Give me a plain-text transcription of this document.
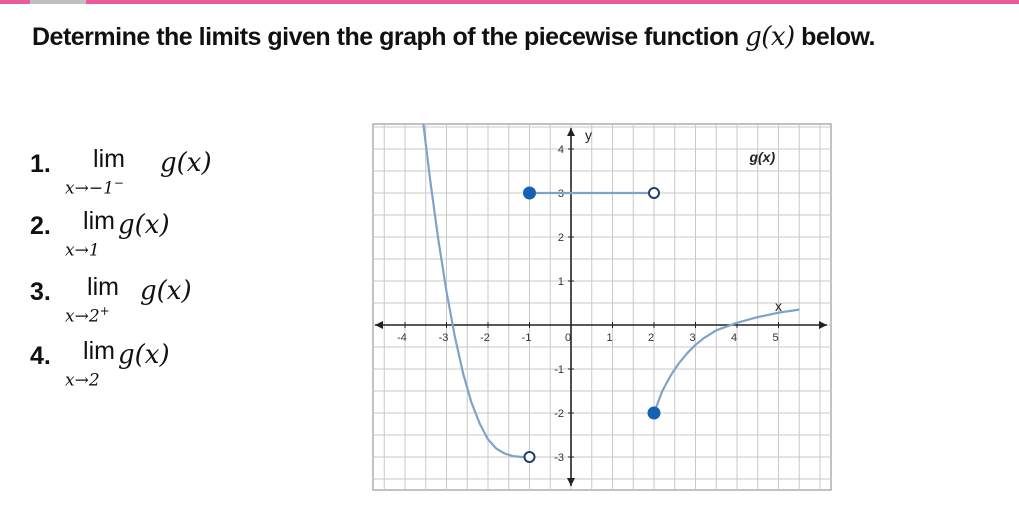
Determine the limits given the graph of the piecewise function g(x) below.
1.	lim
x→−1−
g(x)
2.	lim
x→1
g(x)
3.	lim
x→2+
g(x)
4.	lim
x→2
g(x)
-4	-3	-2	-1	0	1	2	3	4	5
-3
-2
-1
1
2
3
4
y
x
g(x)
